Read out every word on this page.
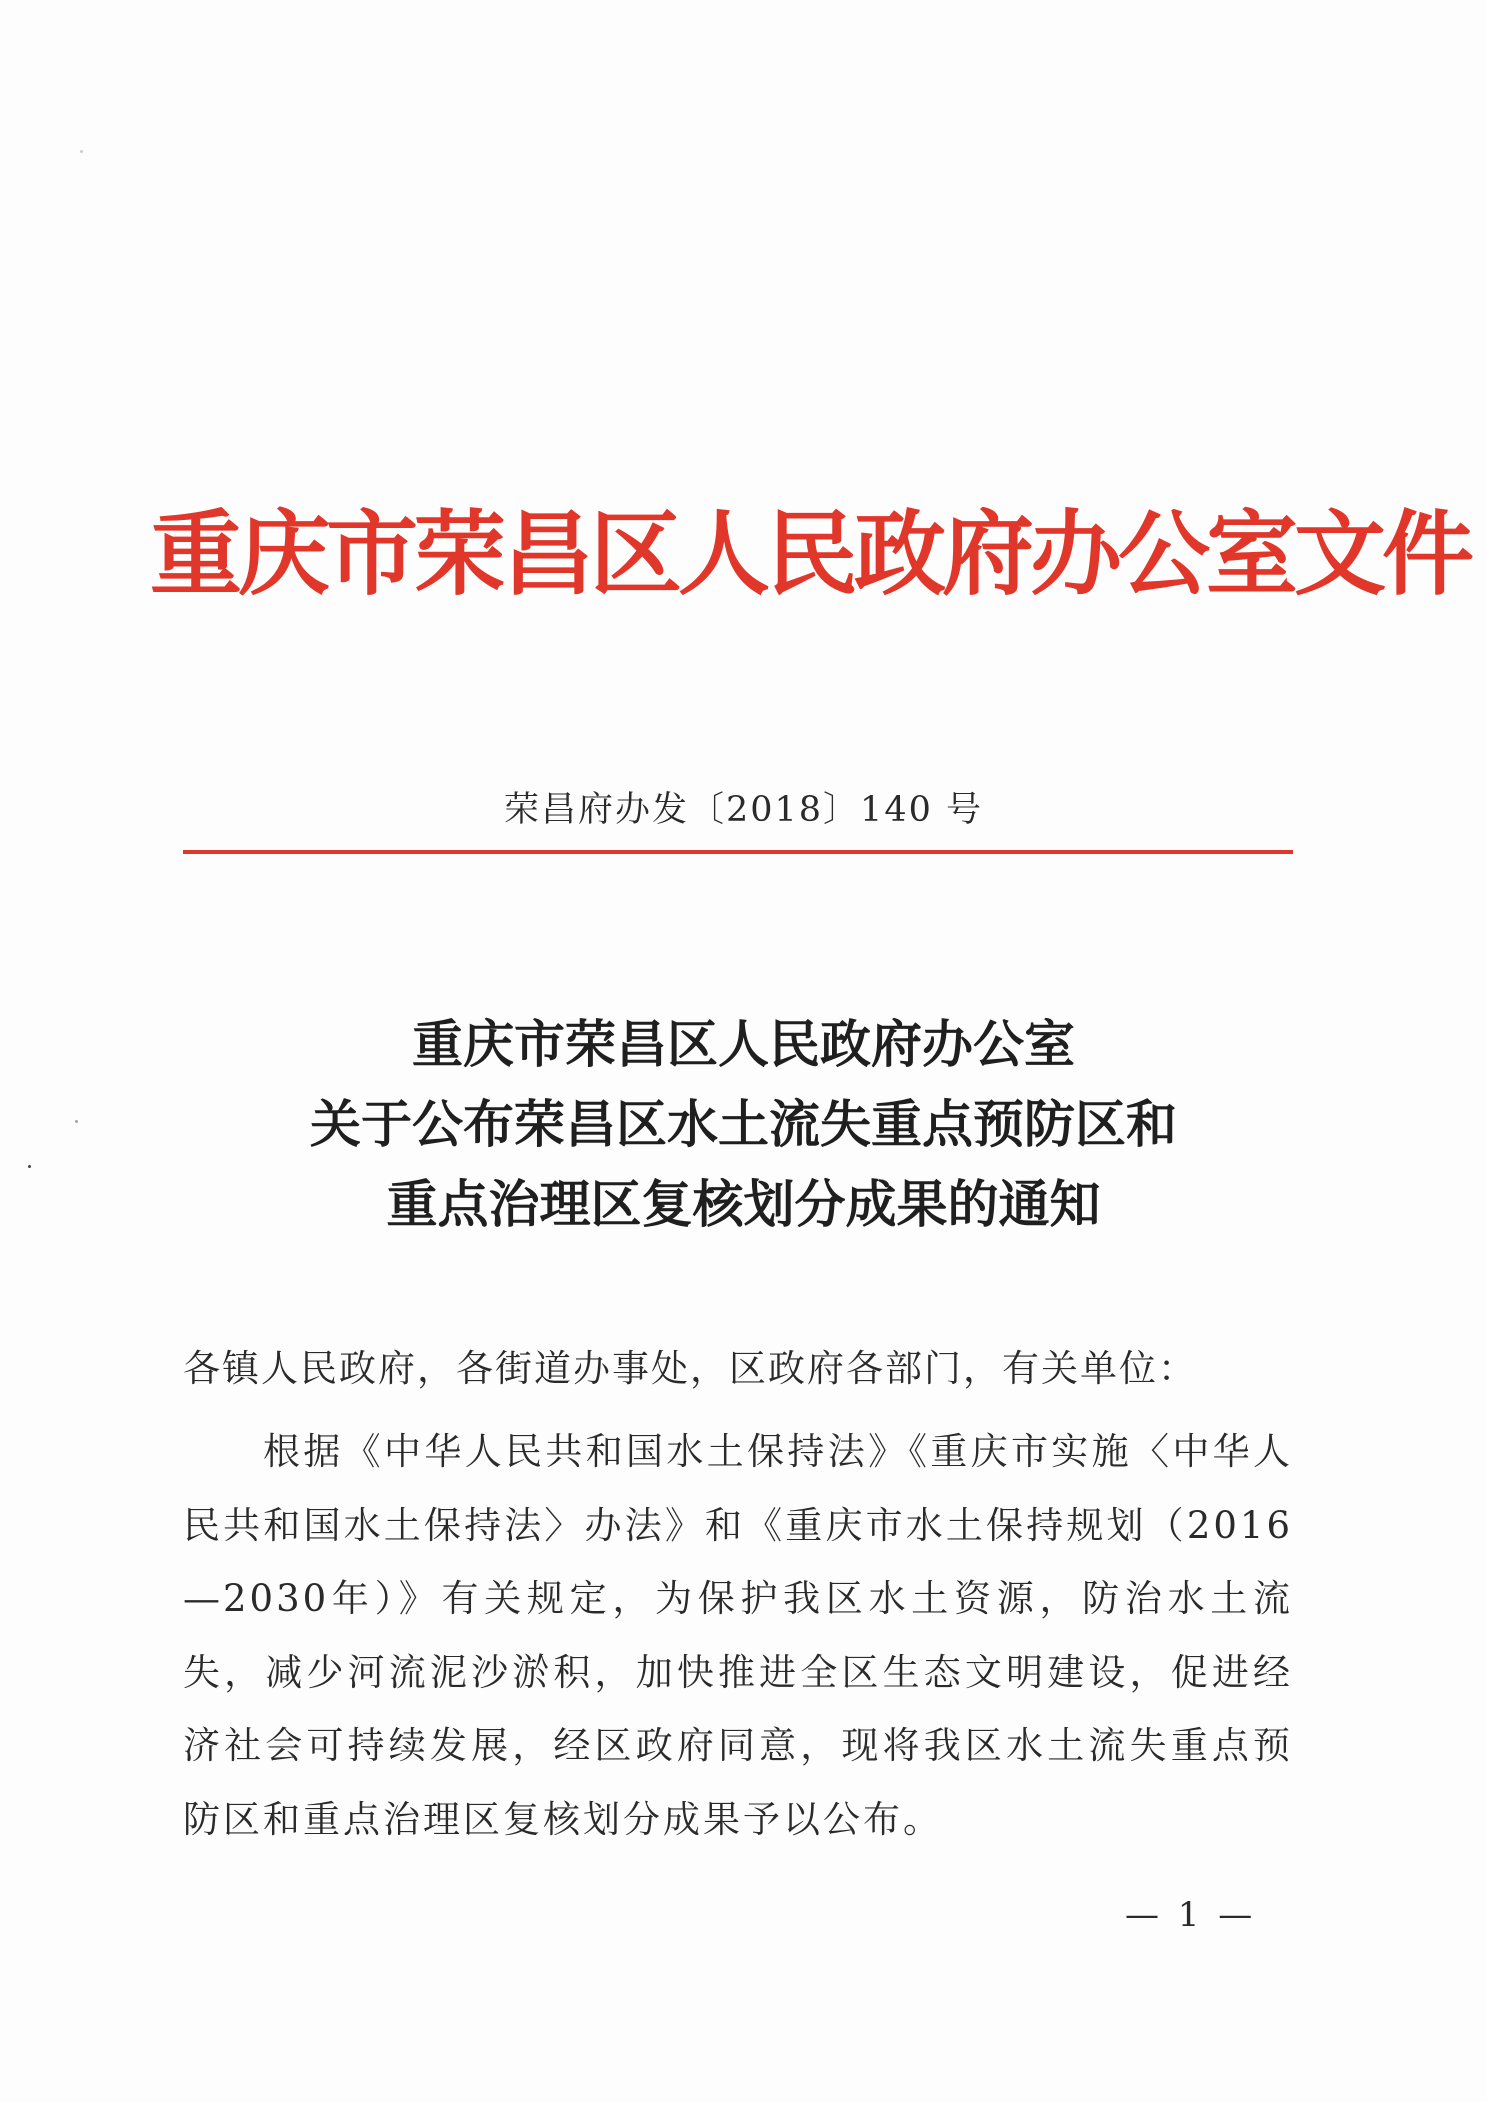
重庆市荣昌区人民政府办公室文件
荣昌府办发〔2018〕140 号
重庆市荣昌区人民政府办公室
关于公布荣昌区水土流失重点预防区和
重点治理区复核划分成果的通知
各镇人民政府，各街道办事处，区政府各部门，有关单位：

根据《中华人民共和国水土保持法》《重庆市实施〈中华人民共和国水土保持法〉办法》和《重庆市水土保持规划（2016—2030年）》有关规定，为保护我区水土资源，防治水土流失，减少河流泥沙淤积，加快推进全区生态文明建设，促进经济社会可持续发展，经区政府同意，现将我区水土流失重点预防区和重点治理区复核划分成果予以公布。

— 1 —
